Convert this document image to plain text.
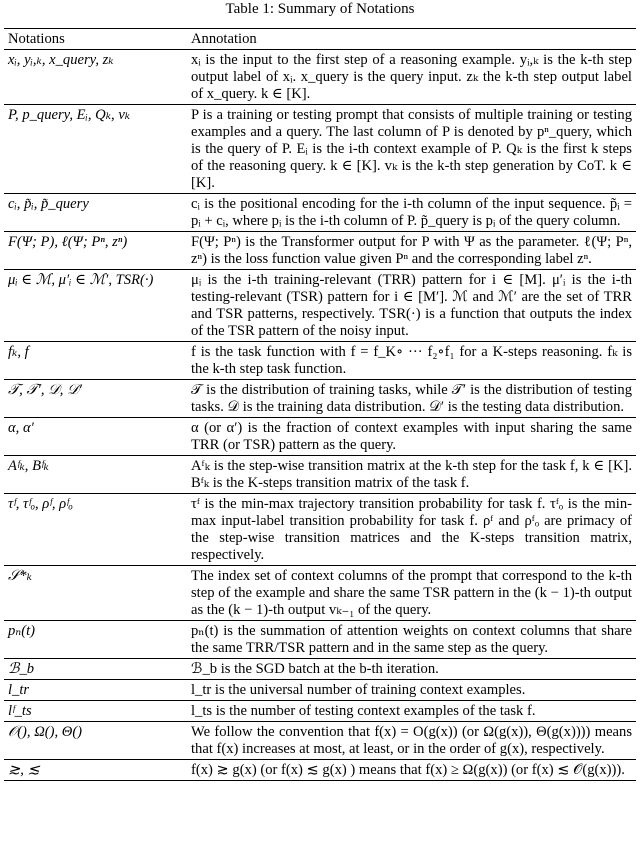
Table 1: Summary of Notations
Notations	Annotation
xᵢ, yᵢ,ₖ, x_query, zₖ	xᵢ is the input to the first step of a reasoning example. yᵢ,ₖ is the k-th step output label of xᵢ. x_query is the query input. zₖ the k-th step output label of x_query. k ∈ [K].
P, p_query, Eᵢ, Qₖ, vₖ	P is a training or testing prompt that consists of multiple training or testing examples and a query. The last column of P is denoted by pⁿ_query, which is the query of P. Eᵢ is the i-th context example of P. Qₖ is the first k steps of the reasoning query. k ∈ [K]. vₖ is the k-th step generation by CoT. k ∈ [K].
cᵢ, p̃ᵢ, p̃_query	cᵢ is the positional encoding for the i-th column of the input sequence. p̃ᵢ = pᵢ + cᵢ, where pᵢ is the i-th column of P. p̃_query is pᵢ of the query column.
F(Ψ; P), ℓ(Ψ; Pⁿ, zⁿ)	F(Ψ; Pⁿ) is the Transformer output for P with Ψ as the parameter. ℓ(Ψ; Pⁿ, zⁿ) is the loss function value given Pⁿ and the corresponding label zⁿ.
μᵢ ∈ ℳ, μ′ᵢ ∈ ℳ′, TSR(·)	μᵢ is the i-th training-relevant (TRR) pattern for i ∈ [M]. μ′ᵢ is the i-th testing-relevant (TSR) pattern for i ∈ [M′]. ℳ and ℳ′ are the set of TRR and TSR patterns, respectively. TSR(·) is a function that outputs the index of the TSR pattern of the noisy input.
fₖ, f	f is the task function with f = f_K∘ ··· f₂∘f₁ for a K-steps reasoning. fₖ is the k-th step task function.
𝒯, 𝒯′, 𝒟, 𝒟′	𝒯 is the distribution of training tasks, while 𝒯′ is the distribution of testing tasks. 𝒟 is the training data distribution. 𝒟′ is the testing data distribution.
α, α′	α (or α′) is the fraction of context examples with input sharing the same TRR (or TSR) pattern as the query.
Aᶠₖ, Bᶠₖ	Aᶠₖ is the step-wise transition matrix at the k-th step for the task f, k ∈ [K]. Bᶠₖ is the K-steps transition matrix of the task f.
τᶠ, τᶠₒ, ρᶠ, ρᶠₒ	τᶠ is the min-max trajectory transition probability for task f. τᶠₒ is the min-max input-label transition probability for task f. ρᶠ and ρᶠₒ are primacy of the step-wise transition matrices and the K-steps transition matrix, respectively.
𝒮*ₖ	The index set of context columns of the prompt that correspond to the k-th step of the example and share the same TSR pattern in the (k − 1)-th output as the (k − 1)-th output vₖ₋₁ of the query.
pₙ(t)	pₙ(t) is the summation of attention weights on context columns that share the same TRR/TSR pattern and in the same step as the query.
ℬ_b	ℬ_b is the SGD batch at the b-th iteration.
l_tr	l_tr is the universal number of training context examples.
lᶠ_ts	l_ts is the number of testing context examples of the task f.
𝒪(), Ω(), Θ()	We follow the convention that f(x) = O(g(x)) (or Ω(g(x)), Θ(g(x)))) means that f(x) increases at most, at least, or in the order of g(x), respectively.
≳, ≲	f(x) ≳ g(x) (or f(x) ≲ g(x) ) means that f(x) ≥ Ω(g(x)) (or f(x) ≲ 𝒪(g(x))).
